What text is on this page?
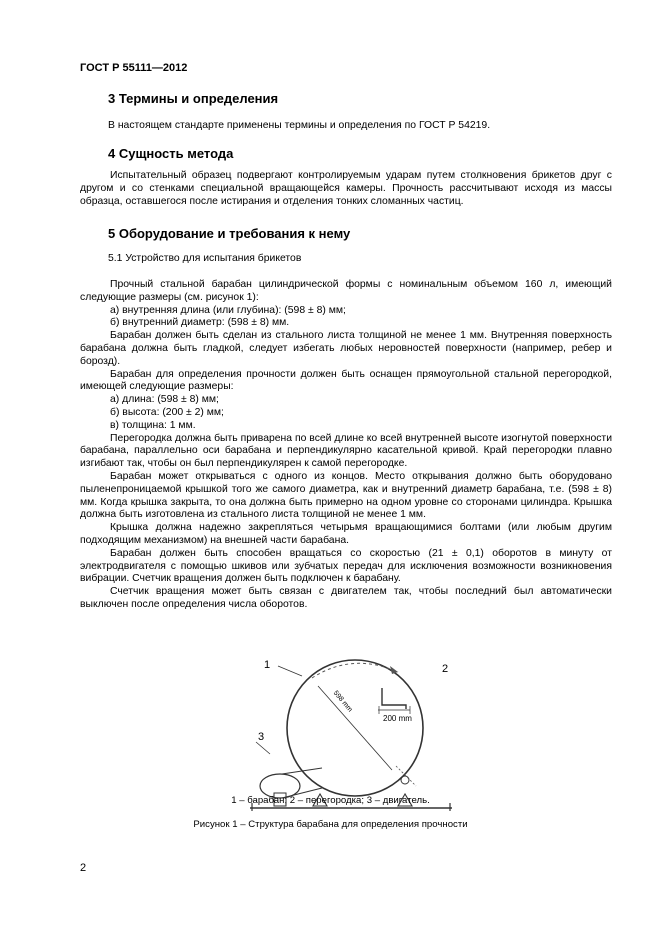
ГОСТ Р 55111—2012
3 Термины и определения
В настоящем стандарте применены термины и определения по ГОСТ Р 54219.
4 Сущность метода
Испытательный образец подвергают контролируемым ударам путем столкновения брикетов друг с другом и со стенками специальной вращающейся камеры. Прочность рассчитывают исходя из массы образца, оставшегося после истирания и отделения тонких сломанных частиц.
5 Оборудование и требования к нему
5.1 Устройство для испытания брикетов
Прочный стальной барабан цилиндрической формы с номинальным объемом 160 л, имеющий следующие размеры (см. рисунок 1):
а) внутренняя длина (или глубина): (598 ± 8) мм;
б) внутренний диаметр: (598 ± 8) мм.
Барабан должен быть сделан из стального листа толщиной не менее 1 мм. Внутренняя поверхность барабана должна быть гладкой, следует избегать любых неровностей поверхности (например, ребер и борозд).
Барабан для определения прочности должен быть оснащен прямоугольной стальной перегородкой, имеющей следующие размеры:
а) длина: (598 ± 8) мм;
б) высота: (200 ± 2) мм;
в) толщина: 1 мм.
Перегородка должна быть приварена по всей длине ко всей внутренней высоте изогнутой поверхности барабана, параллельно оси барабана и перпендикулярно касательной кривой. Край перегородки плавно изгибают так, чтобы он был перпендикулярен к самой перегородке.
Барабан может открываться с одного из концов. Место открывания должно быть оборудовано пыленепроницаемой крышкой того же самого диаметра, как и внутренний диаметр барабана, т.е. (598 ± 8) мм. Когда крышка закрыта, то она должна быть примерно на одном уровне со сторонами цилиндра. Крышка должна быть изготовлена из стального листа толщиной не менее 1 мм.
Крышка должна надежно закрепляться четырьмя вращающимися болтами (или любым другим подходящим механизмом) на внешней части барабана.
Барабан должен быть способен вращаться со скоростью (21 ± 0,1) оборотов в минуту от электродвигателя с помощью шкивов или зубчатых передач для исключения возможности возникновения вибрации. Счетчик вращения должен быть подключен к барабану.
Счетчик вращения может быть связан с двигателем так, чтобы последний был автоматически выключен после определения числа оборотов.
598 mm
200 mm
1	2
3
1 – барабан; 2 – перегородка; 3 – двигатель.
Рисунок 1 – Структура барабана для определения прочности
2
